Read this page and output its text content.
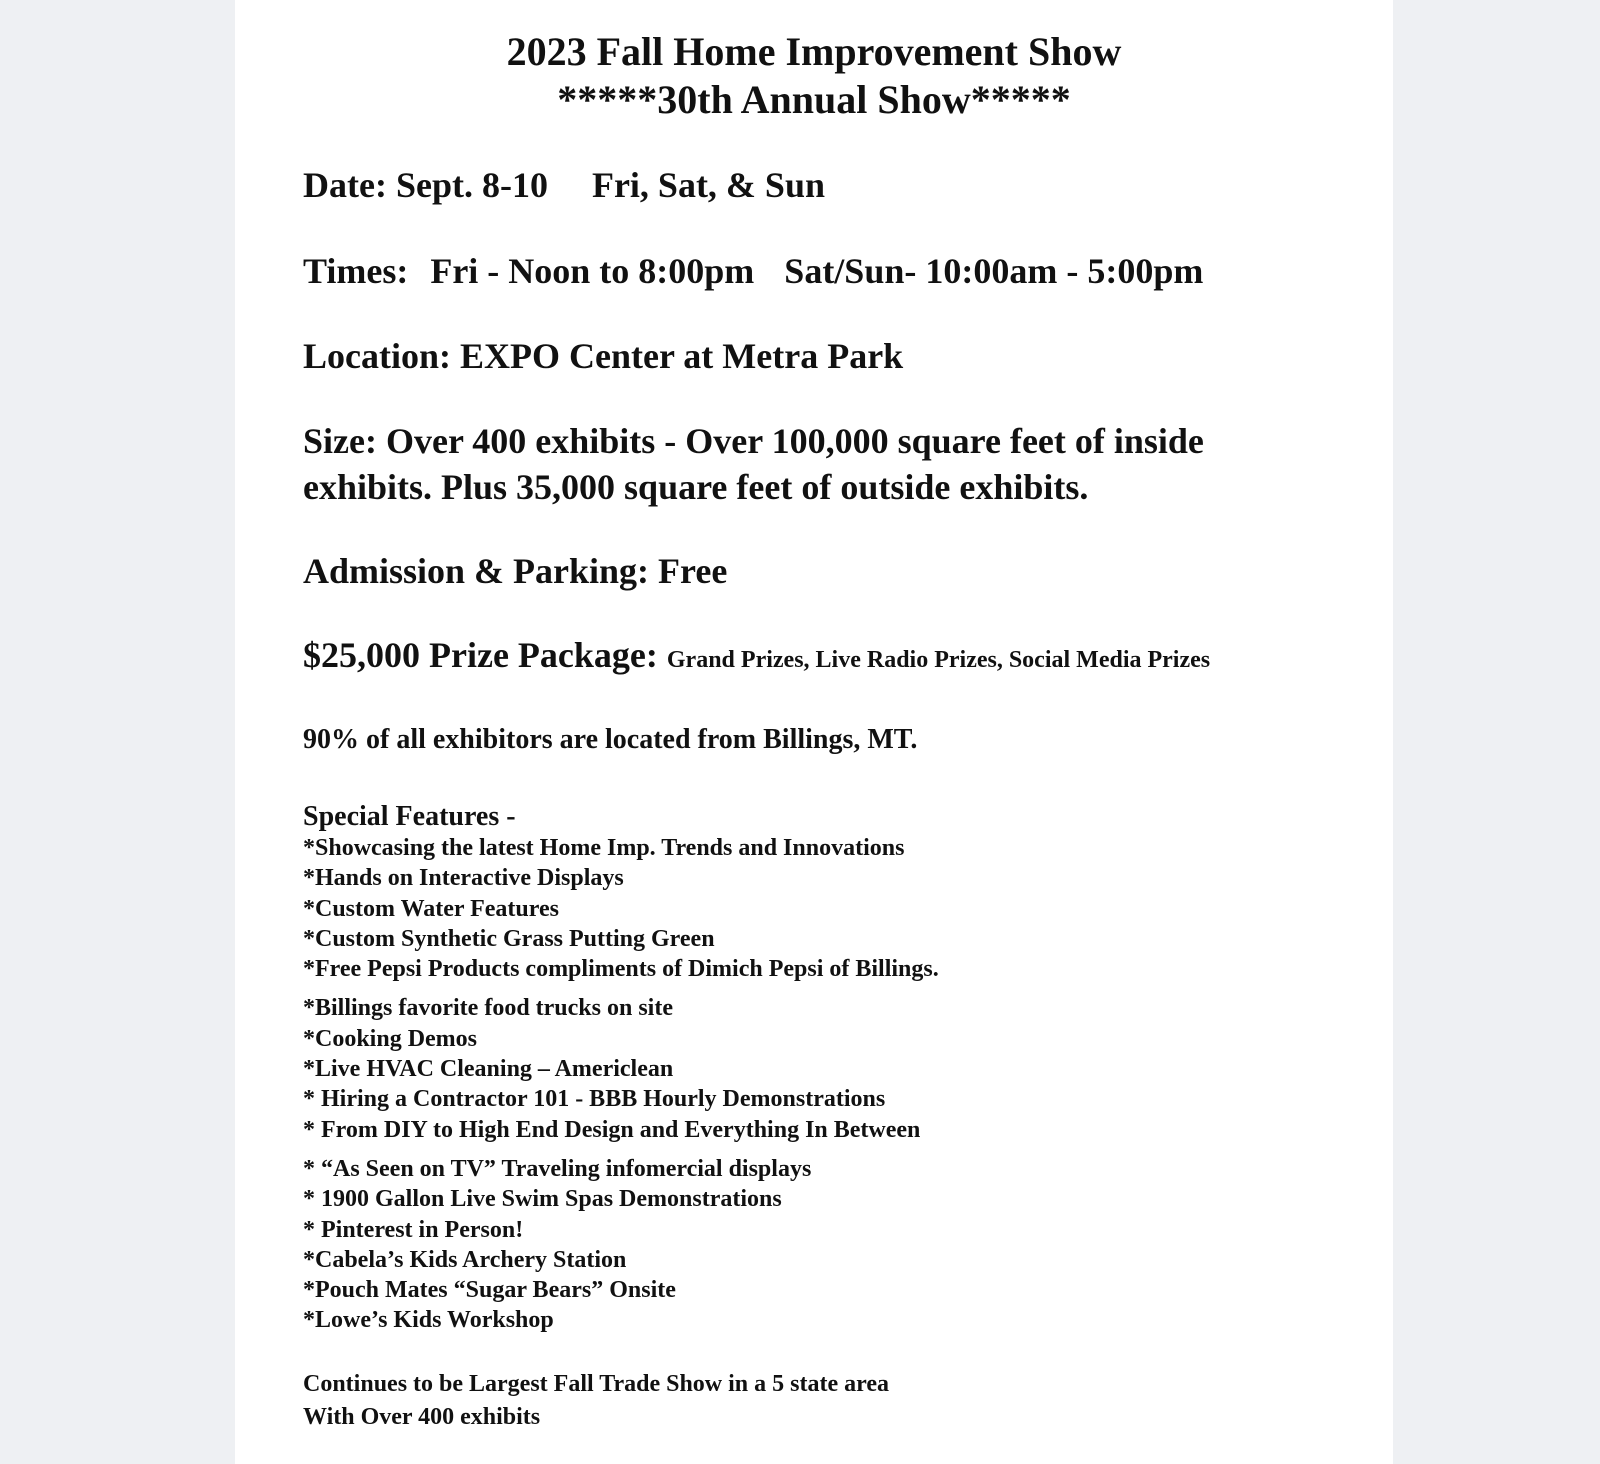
2023 Fall Home Improvement Show
*****30th Annual Show*****
Date: Sept. 8-10 Fri, Sat, & Sun
Times: Fri - Noon to 8:00pm Sat/Sun- 10:00am - 5:00pm
Location: EXPO Center at Metra Park
Size: Over 400 exhibits - Over 100,000 square feet of inside exhibits. Plus 35,000 square feet of outside exhibits.
Admission & Parking: Free
$25,000 Prize Package: Grand Prizes, Live Radio Prizes, Social Media Prizes
90% of all exhibitors are located from Billings, MT.
Special Features -
*Showcasing the latest Home Imp. Trends and Innovations
*Hands on Interactive Displays
*Custom Water Features
*Custom Synthetic Grass Putting Green
*Free Pepsi Products compliments of Dimich Pepsi of Billings.
*Billings favorite food trucks on site
*Cooking Demos
*Live HVAC Cleaning – Americlean
* Hiring a Contractor 101 - BBB Hourly Demonstrations
* From DIY to High End Design and Everything In Between
* “As Seen on TV” Traveling infomercial displays
* 1900 Gallon Live Swim Spas Demonstrations
* Pinterest in Person!
*Cabela’s Kids Archery Station
*Pouch Mates “Sugar Bears” Onsite
*Lowe’s Kids Workshop
Continues to be Largest Fall Trade Show in a 5 state area
With Over 400 exhibits
